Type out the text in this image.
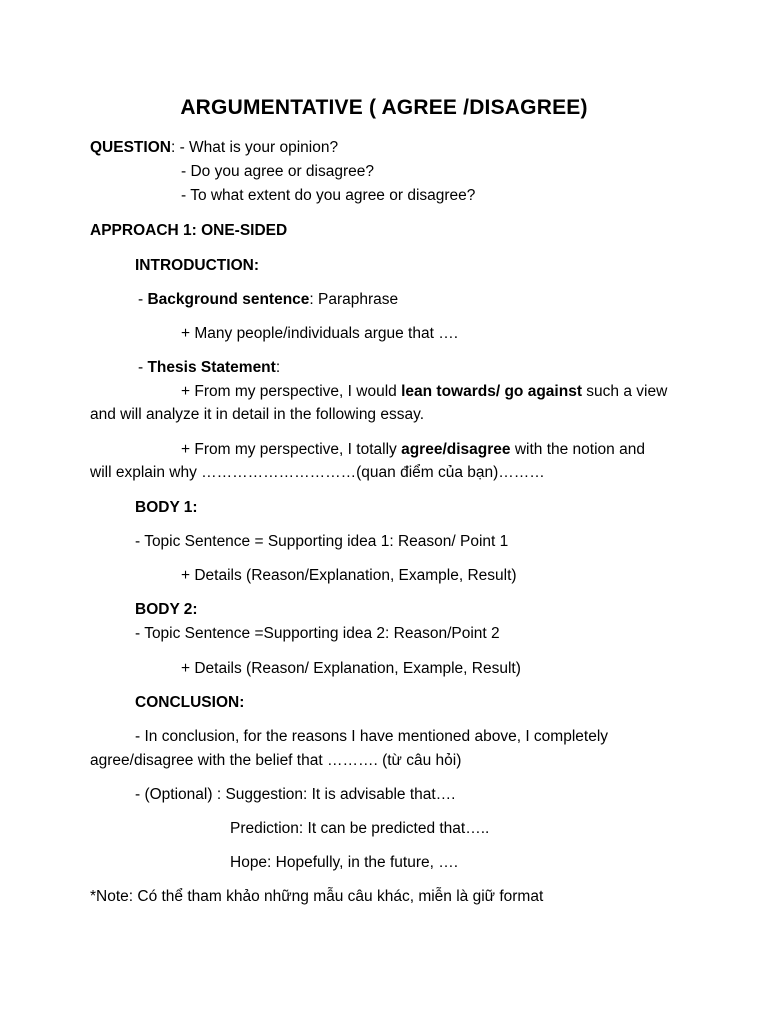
ARGUMENTATIVE ( AGREE /DISAGREE)
QUESTION: - What is your opinion?
- Do you agree or disagree?
- To what extent do you agree or disagree?
APPROACH 1: ONE-SIDED
INTRODUCTION:
- Background sentence: Paraphrase
+ Many people/individuals argue that ….
- Thesis Statement:
+ From my perspective, I would lean towards/ go against such a view
and will analyze it in detail in the following essay.
+ From my perspective, I totally agree/disagree with the notion and
will explain why …………………………(quan điểm của bạn)………
BODY 1:
- Topic Sentence = Supporting idea 1: Reason/ Point 1
+ Details (Reason/Explanation, Example, Result)
BODY 2:
- Topic Sentence =Supporting idea 2: Reason/Point 2
+ Details (Reason/ Explanation, Example, Result)
CONCLUSION:
- In conclusion, for the reasons I have mentioned above, I completely
agree/disagree with the belief that ………. (từ câu hỏi)
- (Optional) : Suggestion: It is advisable that….
Prediction: It can be predicted that…..
Hope: Hopefully, in the future, ….
*Note: Có thể tham khảo những mẫu câu khác, miễn là giữ format
